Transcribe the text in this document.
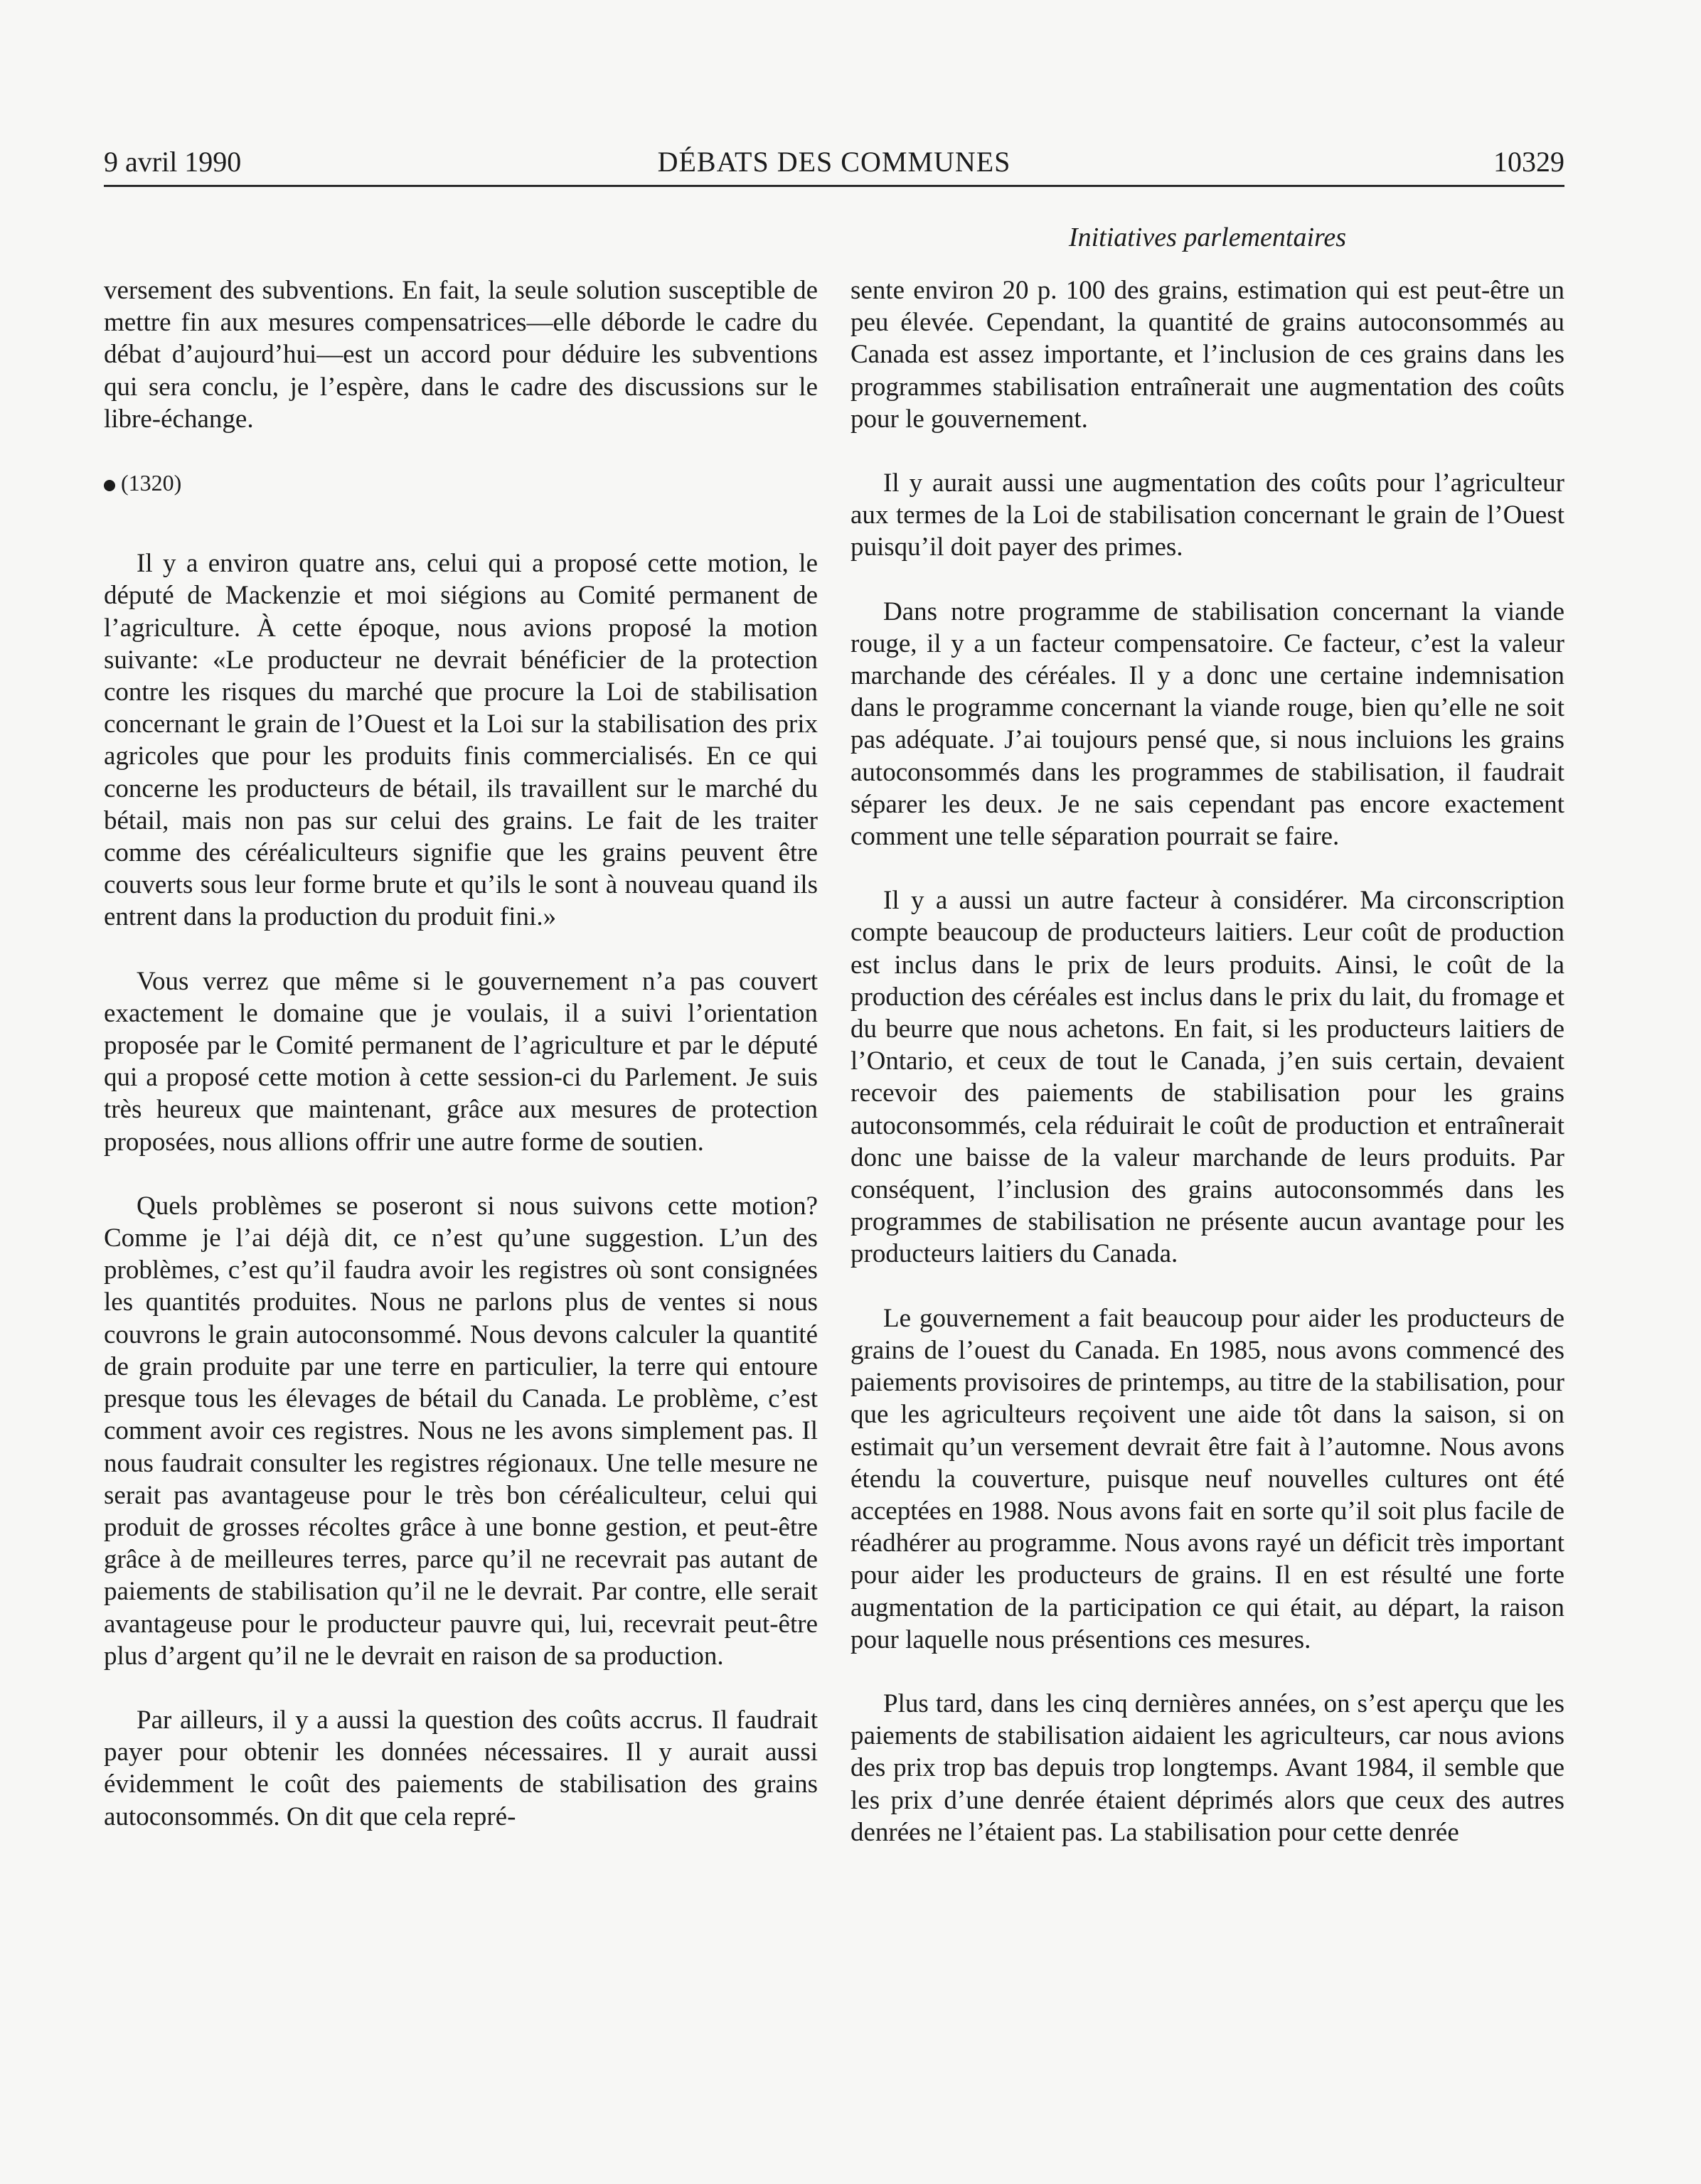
9 avril 1990	DÉBATS DES COMMUNES	10329
Initiatives parlementaires

versement des subventions. En fait, la seule solution susceptible de mettre fin aux mesures compensatrices—elle déborde le cadre du débat d’aujourd’hui—est un accord pour déduire les subventions qui sera conclu, je l’espère, dans le cadre des discussions sur le libre-échange.

(1320)

Il y a environ quatre ans, celui qui a proposé cette motion, le député de Mackenzie et moi siégions au Comité permanent de l’agriculture. À cette époque, nous avions proposé la motion suivante: «Le producteur ne devrait bénéficier de la protection contre les risques du marché que procure la Loi de stabilisation concernant le grain de l’Ouest et la Loi sur la stabilisation des prix agricoles que pour les produits finis commercialisés. En ce qui concerne les producteurs de bétail, ils travaillent sur le marché du bétail, mais non pas sur celui des grains. Le fait de les traiter comme des céréaliculteurs signifie que les grains peuvent être couverts sous leur forme brute et qu’ils le sont à nouveau quand ils entrent dans la production du produit fini.»

Vous verrez que même si le gouvernement n’a pas couvert exactement le domaine que je voulais, il a suivi l’orientation proposée par le Comité permanent de l’agriculture et par le député qui a proposé cette motion à cette session-ci du Parlement. Je suis très heureux que maintenant, grâce aux mesures de protection proposées, nous allions offrir une autre forme de soutien.

Quels problèmes se poseront si nous suivons cette motion? Comme je l’ai déjà dit, ce n’est qu’une suggestion. L’un des problèmes, c’est qu’il faudra avoir les registres où sont consignées les quantités produites. Nous ne parlons plus de ventes si nous couvrons le grain autoconsommé. Nous devons calculer la quantité de grain produite par une terre en particulier, la terre qui entoure presque tous les élevages de bétail du Canada. Le problème, c’est comment avoir ces registres. Nous ne les avons simplement pas. Il nous faudrait consulter les registres régionaux. Une telle mesure ne serait pas avantageuse pour le très bon céréaliculteur, celui qui produit de grosses récoltes grâce à une bonne gestion, et peut-être grâce à de meilleures terres, parce qu’il ne recevrait pas autant de paiements de stabilisation qu’il ne le devrait. Par contre, elle serait avantageuse pour le producteur pauvre qui, lui, recevrait peut-être plus d’argent qu’il ne le devrait en raison de sa production.

Par ailleurs, il y a aussi la question des coûts accrus. Il faudrait payer pour obtenir les données nécessaires. Il y aurait aussi évidemment le coût des paiements de stabilisation des grains autoconsommés. On dit que cela repré-

sente environ 20 p. 100 des grains, estimation qui est peut-être un peu élevée. Cependant, la quantité de grains autoconsommés au Canada est assez importante, et l’inclusion de ces grains dans les programmes stabilisation entraînerait une augmentation des coûts pour le gouvernement.

Il y aurait aussi une augmentation des coûts pour l’agriculteur aux termes de la Loi de stabilisation concernant le grain de l’Ouest puisqu’il doit payer des primes.

Dans notre programme de stabilisation concernant la viande rouge, il y a un facteur compensatoire. Ce facteur, c’est la valeur marchande des céréales. Il y a donc une certaine indemnisation dans le programme concernant la viande rouge, bien qu’elle ne soit pas adéquate. J’ai toujours pensé que, si nous incluions les grains autoconsommés dans les programmes de stabilisation, il faudrait séparer les deux. Je ne sais cependant pas encore exactement comment une telle séparation pourrait se faire.

Il y a aussi un autre facteur à considérer. Ma circonscription compte beaucoup de producteurs laitiers. Leur coût de production est inclus dans le prix de leurs produits. Ainsi, le coût de la production des céréales est inclus dans le prix du lait, du fromage et du beurre que nous achetons. En fait, si les producteurs laitiers de l’Ontario, et ceux de tout le Canada, j’en suis certain, devaient recevoir des paiements de stabilisation pour les grains autoconsommés, cela réduirait le coût de production et entraînerait donc une baisse de la valeur marchande de leurs produits. Par conséquent, l’inclusion des grains autoconsommés dans les programmes de stabilisation ne présente aucun avantage pour les producteurs laitiers du Canada.

Le gouvernement a fait beaucoup pour aider les producteurs de grains de l’ouest du Canada. En 1985, nous avons commencé des paiements provisoires de printemps, au titre de la stabilisation, pour que les agriculteurs reçoivent une aide tôt dans la saison, si on estimait qu’un versement devrait être fait à l’automne. Nous avons étendu la couverture, puisque neuf nouvelles cultures ont été acceptées en 1988. Nous avons fait en sorte qu’il soit plus facile de réadhérer au programme. Nous avons rayé un déficit très important pour aider les producteurs de grains. Il en est résulté une forte augmentation de la participation ce qui était, au départ, la raison pour laquelle nous présentions ces mesures.

Plus tard, dans les cinq dernières années, on s’est aperçu que les paiements de stabilisation aidaient les agriculteurs, car nous avions des prix trop bas depuis trop longtemps. Avant 1984, il semble que les prix d’une denrée étaient déprimés alors que ceux des autres denrées ne l’étaient pas. La stabilisation pour cette denrée
